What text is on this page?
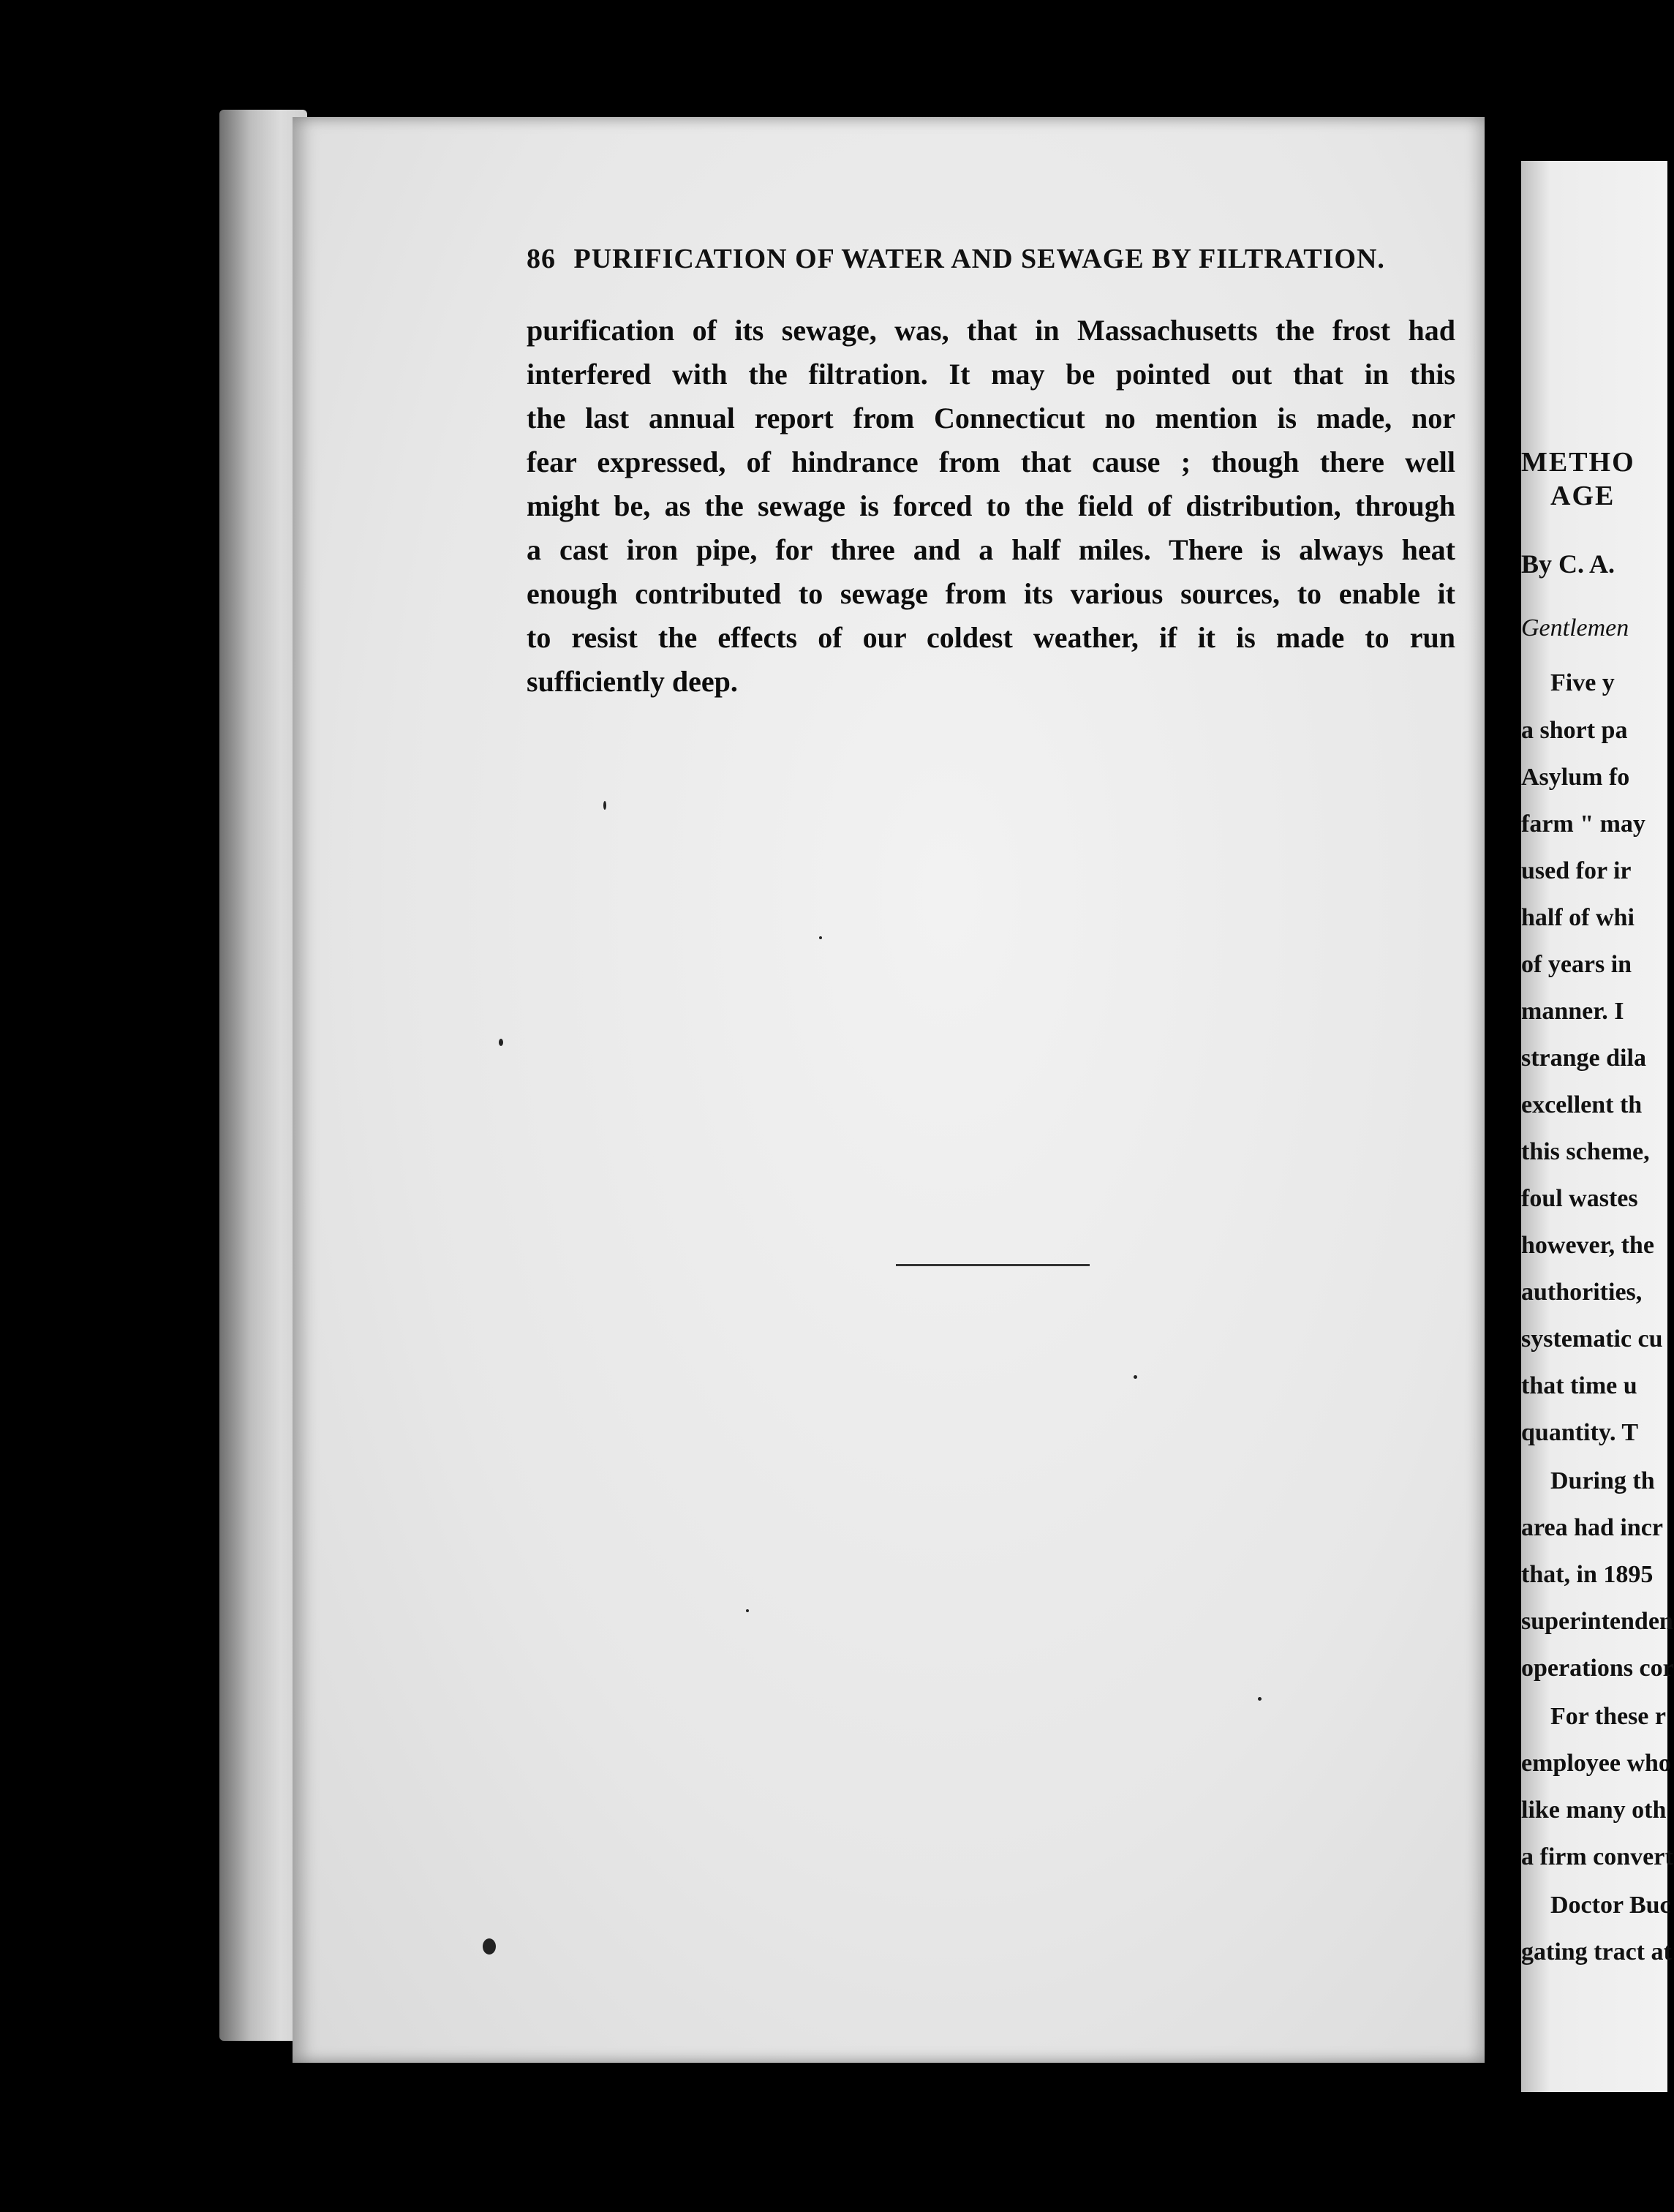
86 PURIFICATION OF WATER AND SEWAGE BY FILTRATION.
purification of its sewage, was, that in Massachusetts the frost had
interfered with the filtration. It may be pointed out that in this
the last annual report from Connecticut no mention is made, nor
fear expressed, of hindrance from that cause ; though there well
might be, as the sewage is forced to the field of distribution, through
a cast iron pipe, for three and a half miles. There is always heat
enough contributed to sewage from its various sources, to enable it
to resist the effects of our coldest weather, if it is made to run
sufficiently deep.
METHO
AGE
By C. A.
Gentlemen
Five y
a short pa
Asylum fo
farm " may
used for ir
half of whi
of years in
manner. I
strange dila
excellent th
this scheme,
foul wastes
however, the
authorities,
systematic cu
that time u
quantity. T
During th
area had incr
that, in 1895
superintenden
operations cor
For these r
employee who
like many oth
a firm convert
Doctor Buc
gating tract at
